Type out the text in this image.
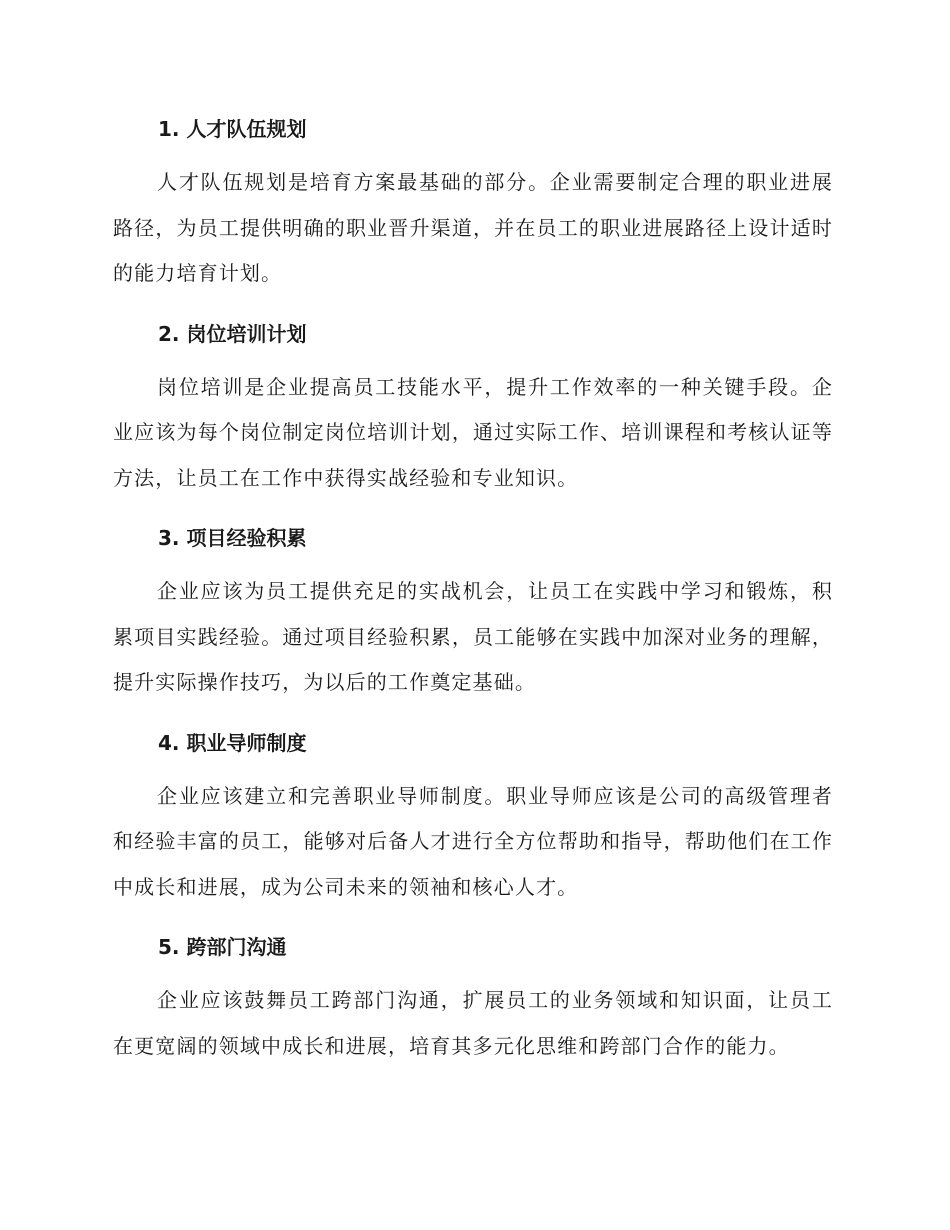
1. 人才队伍规划

人才队伍规划是培育方案最基础的部分。企业需要制定合理的职业进展路径，为员工提供明确的职业晋升渠道，并在员工的职业进展路径上设计适时的能力培育计划。

2. 岗位培训计划

岗位培训是企业提高员工技能水平，提升工作效率的一种关键手段。企业应该为每个岗位制定岗位培训计划，通过实际工作、培训课程和考核认证等方法，让员工在工作中获得实战经验和专业知识。

3. 项目经验积累

企业应该为员工提供充足的实战机会，让员工在实践中学习和锻炼，积累项目实践经验。通过项目经验积累，员工能够在实践中加深对业务的理解，提升实际操作技巧，为以后的工作奠定基础。

4. 职业导师制度

企业应该建立和完善职业导师制度。职业导师应该是公司的高级管理者和经验丰富的员工，能够对后备人才进行全方位帮助和指导，帮助他们在工作中成长和进展，成为公司未来的领袖和核心人才。

5. 跨部门沟通

企业应该鼓舞员工跨部门沟通，扩展员工的业务领域和知识面，让员工在更宽阔的领域中成长和进展，培育其多元化思维和跨部门合作的能力。
